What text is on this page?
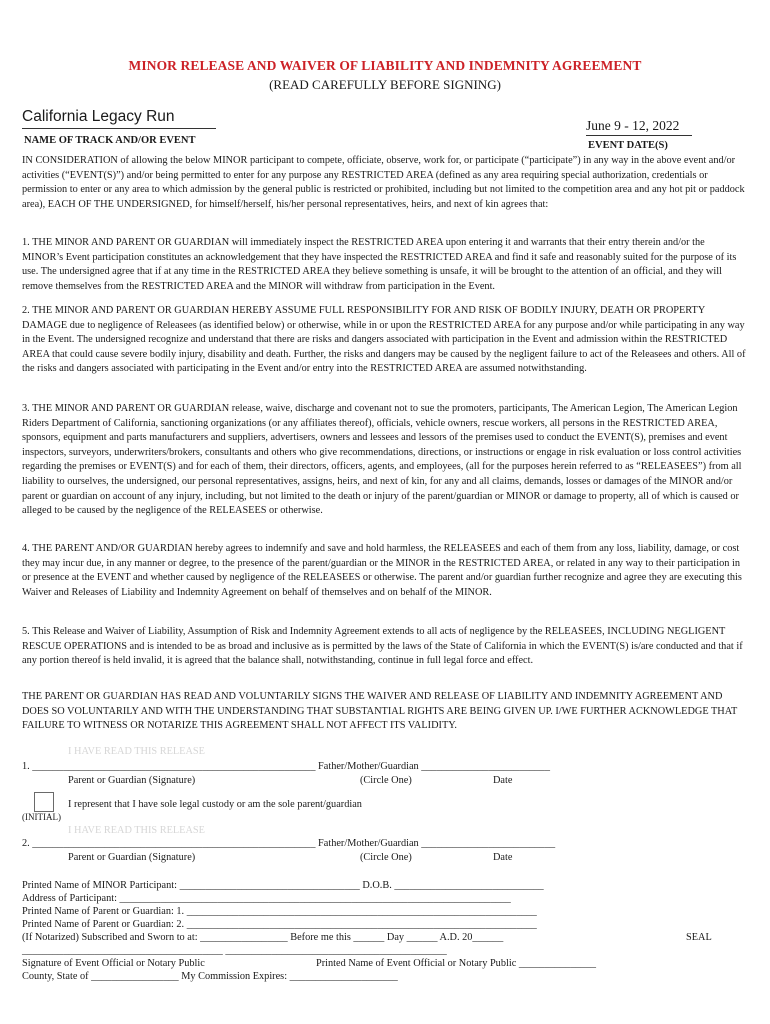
MINOR RELEASE AND WAIVER OF LIABILITY AND INDEMNITY AGREEMENT
(READ CAREFULLY BEFORE SIGNING)
California Legacy Run
NAME OF TRACK AND/OR EVENT
June 9 - 12, 2022
EVENT DATE(S)

IN CONSIDERATION of allowing the below MINOR participant to compete, officiate, observe, work for, or participate (“participate”) in any way in the above event and/or activities (“EVENT(S)”) and/or being permitted to enter for any purpose any RESTRICTED AREA (defined as any area requiring special authorization, credentials or permission to enter or any area to which admission by the general public is restricted or prohibited, including but not limited to the competition area and any hot pit or paddock area), EACH OF THE UNDERSIGNED, for himself/herself, his/her personal representatives, heirs, and next of kin agrees that:

1. THE MINOR AND PARENT OR GUARDIAN will immediately inspect the RESTRICTED AREA upon entering it and warrants that their entry therein and/or the MINOR’s Event participation constitutes an acknowledgement that they have inspected the RESTRICTED AREA and find it safe and reasonably suited for the purpose of its use. The undersigned agree that if at any time in the RESTRICTED AREA they believe something is unsafe, it will be brought to the attention of an official, and they will remove themselves from the RESTRICTED AREA and the MINOR will withdraw from participation in the Event.

2. THE MINOR AND PARENT OR GUARDIAN HEREBY ASSUME FULL RESPONSIBILITY FOR AND RISK OF BODILY INJURY, DEATH OR PROPERTY DAMAGE due to negligence of Releasees (as identified below) or otherwise, while in or upon the RESTRICTED AREA for any purpose and/or while participating in any way in the Event. The undersigned recognize and understand that there are risks and dangers associated with participation in the Event and admission within the RESTRICTED AREA that could cause severe bodily injury, disability and death. Further, the risks and dangers may be caused by the negligent failure to act of the Releasees and others. All of the risks and dangers associated with participating in the Event and/or entry into the RESTRICTED AREA are assumed notwithstanding.

3. THE MINOR AND PARENT OR GUARDIAN release, waive, discharge and covenant not to sue the promoters, participants, The American Legion, The American Legion Riders Department of California, sanctioning organizations (or any affiliates thereof), officials, vehicle owners, rescue workers, all persons in the RESTRICTED AREA, sponsors, equipment and parts manufacturers and suppliers, advertisers, owners and lessees and lessors of the premises used to conduct the EVENT(S), premises and event inspectors, surveyors, underwriters/brokers, consultants and others who give recommendations, directions, or instructions or engage in risk evaluation or loss control activities regarding the premises or EVENT(S) and for each of them, their directors, officers, agents, and employees, (all for the purposes herein referred to as “RELEASEES”) from all liability to ourselves, the undersigned, our personal representatives, assigns, heirs, and next of kin, for any and all claims, demands, losses or damages of the MINOR and/or parent or guardian on account of any injury, including, but not limited to the death or injury of the parent/guardian or MINOR or damage to property, all of which is caused or alleged to be caused by the negligence of the RELEASEES or otherwise.

4. THE PARENT AND/OR GUARDIAN hereby agrees to indemnify and save and hold harmless, the RELEASEES and each of them from any loss, liability, damage, or cost they may incur due, in any manner or degree, to the presence of the parent/guardian or the MINOR in the RESTRICTED AREA, or related in any way to their participation in or presence at the EVENT and whether caused by negligence of the RELEASEES or otherwise. The parent and/or guardian further recognize and agree they are executing this Waiver and Releases of Liability and Indemnity Agreement on behalf of themselves and on behalf of the MINOR.

5. This Release and Waiver of Liability, Assumption of Risk and Indemnity Agreement extends to all acts of negligence by the RELEASEES, INCLUDING NEGLIGENT RESCUE OPERATIONS and is intended to be as broad and inclusive as is permitted by the laws of the State of California in which the EVENT(S) is/are conducted and that if any portion thereof is held invalid, it is agreed that the balance shall, notwithstanding, continue in full legal force and effect.

THE PARENT OR GUARDIAN HAS READ AND VOLUNTARILY SIGNS THE WAIVER AND RELEASE OF LIABILITY AND INDEMNITY AGREEMENT AND DOES SO VOLUNTARILY AND WITH THE UNDERSTANDING THAT SUBSTANTIAL RIGHTS ARE BEING GIVEN UP. I/WE FURTHER ACKNOWLEDGE THAT FAILURE TO WITNESS OR NOTARIZE THIS AGREEMENT SHALL NOT AFFECT ITS VALIDITY.

I HAVE READ THIS RELEASE
1. _______________________________________________________ Father/Mother/Guardian _________________________
Parent or Guardian (Signature)	(Circle One)	Date
I represent that I have sole legal custody or am the sole parent/guardian
(INITIAL)
I HAVE READ THIS RELEASE
2. _______________________________________________________ Father/Mother/Guardian __________________________
Parent or Guardian (Signature)	(Circle One)	Date
Printed Name of MINOR Participant: ___________________________________ D.O.B. _____________________________
Address of Participant: ____________________________________________________________________________
Printed Name of Parent or Guardian: 1. ____________________________________________________________________
Printed Name of Parent or Guardian: 2. ____________________________________________________________________
(If Notarized) Subscribed and Sworn to at: _________________ Before me this ______ Day ______ A.D. 20______	SEAL
_______________________________________ ___________________________________________
Signature of Event Official or Notary Public	Printed Name of Event Official or Notary Public _______________
County, State of _________________ My Commission Expires: _____________________
